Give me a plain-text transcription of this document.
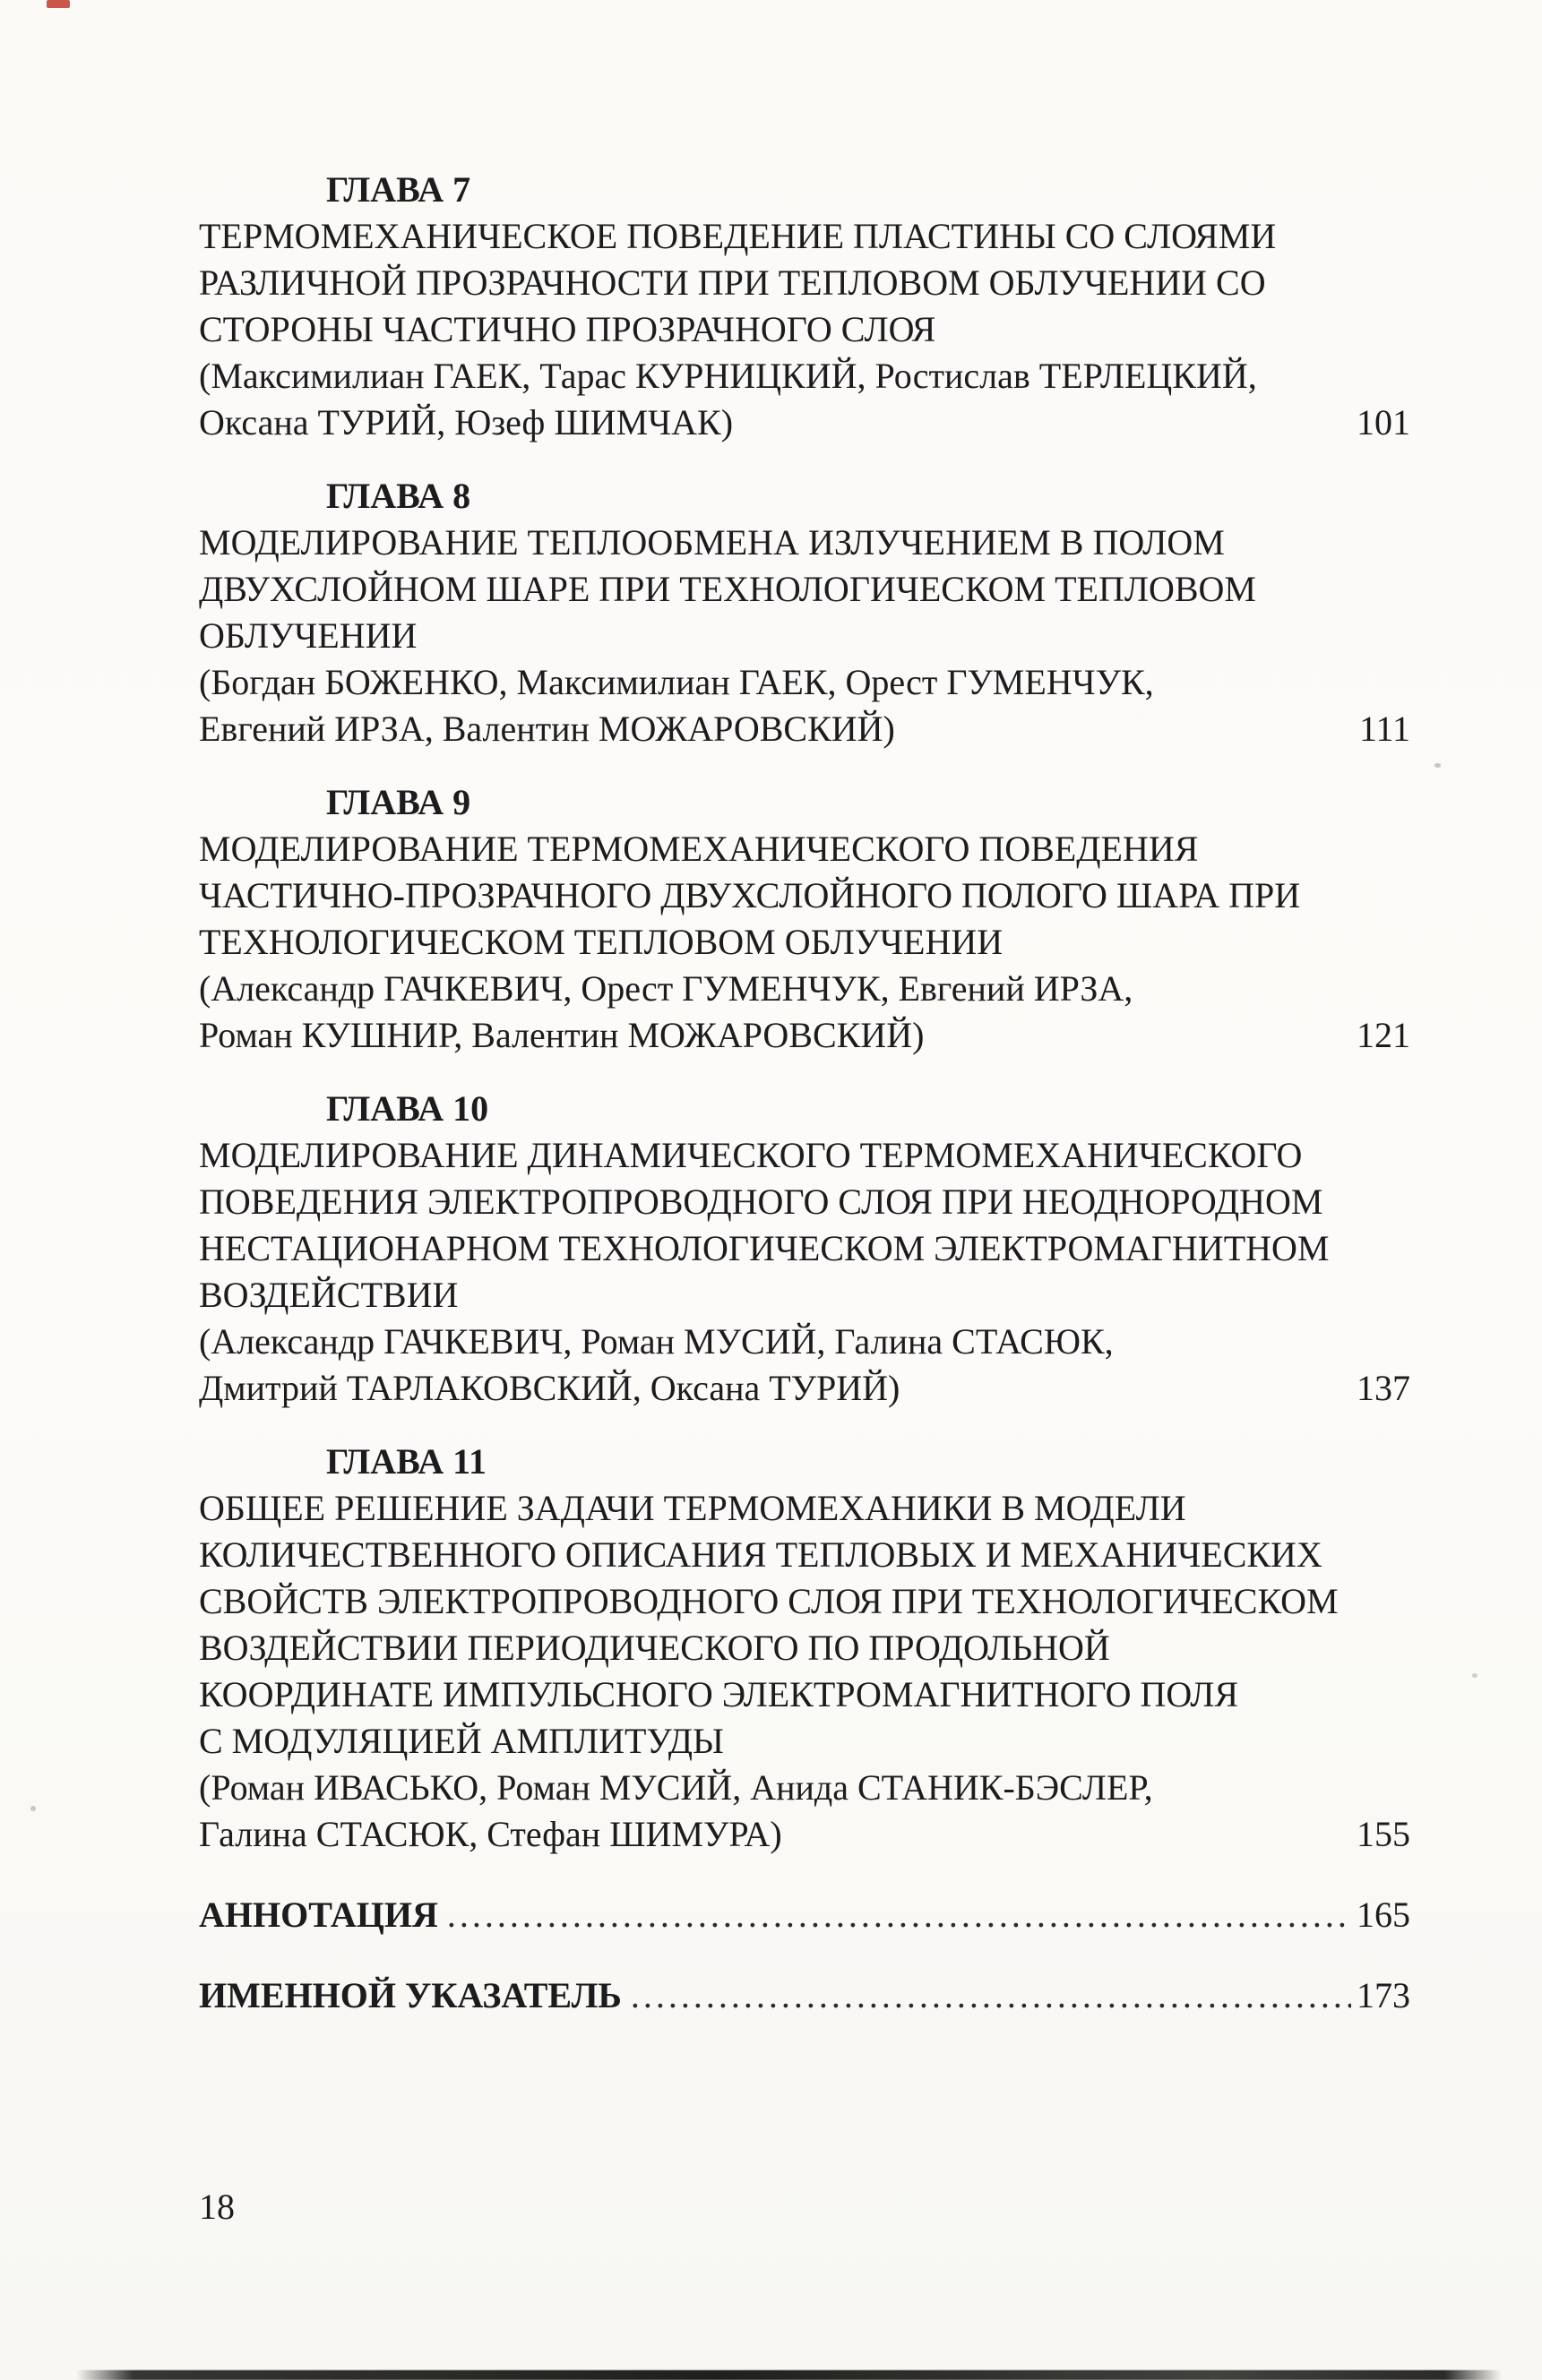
ГЛАВА 7
ТЕРМОМЕХАНИЧЕСКОЕ ПОВЕДЕНИЕ ПЛАСТИНЫ СО СЛОЯМИ
РАЗЛИЧНОЙ ПРОЗРАЧНОСТИ ПРИ ТЕПЛОВОМ ОБЛУЧЕНИИ СО
СТОРОНЫ ЧАСТИЧНО ПРОЗРАЧНОГО СЛОЯ
(Максимилиан ГАЕК, Тарас КУРНИЦКИЙ, Ростислав ТЕРЛЕЦКИЙ,
Оксана ТУРИЙ, Юзеф ШИМЧАК)	101
ГЛАВА 8
МОДЕЛИРОВАНИЕ ТЕПЛООБМЕНА ИЗЛУЧЕНИЕМ В ПОЛОМ
ДВУХСЛОЙНОМ ШАРЕ ПРИ ТЕХНОЛОГИЧЕСКОМ ТЕПЛОВОМ
ОБЛУЧЕНИИ
(Богдан БОЖЕНКО, Максимилиан ГАЕК, Орест ГУМЕНЧУК,
Евгений ИРЗА, Валентин МОЖАРОВСКИЙ)	111
ГЛАВА 9
МОДЕЛИРОВАНИЕ ТЕРМОМЕХАНИЧЕСКОГО ПОВЕДЕНИЯ
ЧАСТИЧНО-ПРОЗРАЧНОГО ДВУХСЛОЙНОГО ПОЛОГО ШАРА ПРИ
ТЕХНОЛОГИЧЕСКОМ ТЕПЛОВОМ ОБЛУЧЕНИИ
(Александр ГАЧКЕВИЧ, Орест ГУМЕНЧУК, Евгений ИРЗА,
Роман КУШНИР, Валентин МОЖАРОВСКИЙ)	121
ГЛАВА 10
МОДЕЛИРОВАНИЕ ДИНАМИЧЕСКОГО ТЕРМОМЕХАНИЧЕСКОГО
ПОВЕДЕНИЯ ЭЛЕКТРОПРОВОДНОГО СЛОЯ ПРИ НЕОДНОРОДНОМ
НЕСТАЦИОНАРНОМ ТЕХНОЛОГИЧЕСКОМ ЭЛЕКТРОМАГНИТНОМ
ВОЗДЕЙСТВИИ
(Александр ГАЧКЕВИЧ, Роман МУСИЙ, Галина СТАСЮК,
Дмитрий ТАРЛАКОВСКИЙ, Оксана ТУРИЙ)	137
ГЛАВА 11
ОБЩЕЕ РЕШЕНИЕ ЗАДАЧИ ТЕРМОМЕХАНИКИ В МОДЕЛИ
КОЛИЧЕСТВЕННОГО ОПИСАНИЯ ТЕПЛОВЫХ И МЕХАНИЧЕСКИХ
СВОЙСТВ ЭЛЕКТРОПРОВОДНОГО СЛОЯ ПРИ ТЕХНОЛОГИЧЕСКОМ
ВОЗДЕЙСТВИИ ПЕРИОДИЧЕСКОГО ПО ПРОДОЛЬНОЙ
КООРДИНАТЕ ИМПУЛЬСНОГО ЭЛЕКТРОМАГНИТНОГО ПОЛЯ
С МОДУЛЯЦИЕЙ АМПЛИТУДЫ
(Роман ИВАСЬКО, Роман МУСИЙ, Анида СТАНИК-БЭСЛЕР,
Галина СТАСЮК, Стефан ШИМУРА)	155
АННОТАЦИЯ .....	165
ИМЕННОЙ УКАЗАТЕЛЬ .....	173
18
